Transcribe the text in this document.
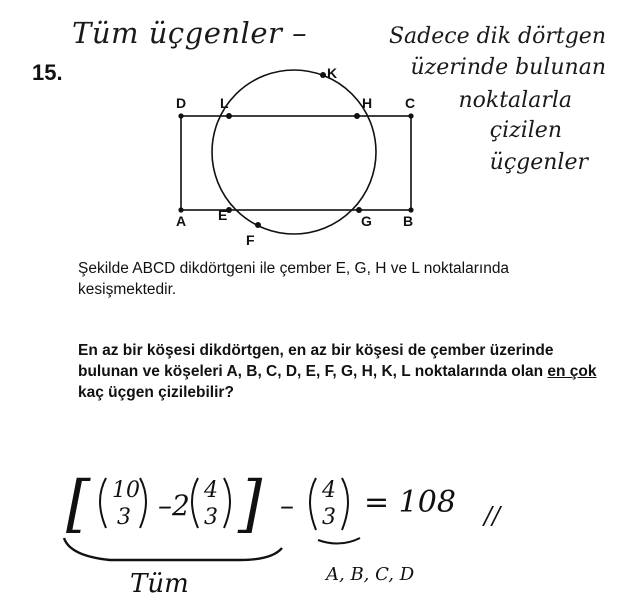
Tüm üçgenler –	Sadece dik dörtgen
üzerinde bulunan
noktalarla
çizilen
üçgenler
15.
D L	H C
K
A E	G B
F

Şekilde ABCD dikdörtgeni ile çember E, G, H ve L noktalarında kesişmektedir.

En az bir köşesi dikdörtgen, en az bir köşesi de çember üzerinde bulunan ve köşeleri A, B, C, D, E, F, G, H, K, L noktalarında olan en çok kaç üçgen çizilebilir?

[ 10
3 –2 4
3 ] – 4
3 = 108 //
Tüm	A, B, C, D
